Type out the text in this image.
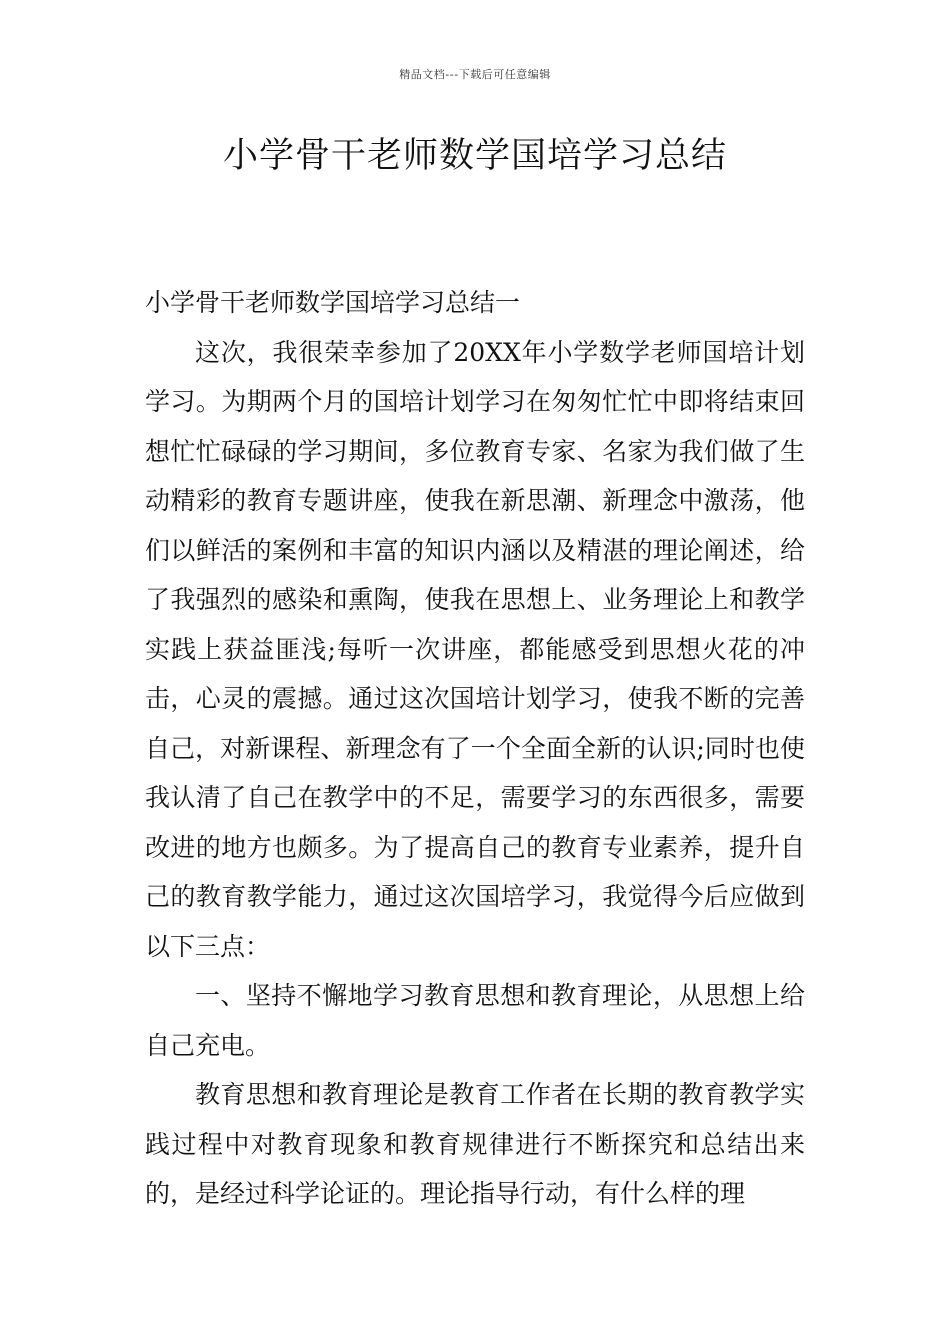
精品文档---下载后可任意编辑
小学骨干老师数学国培学习总结
小学骨干老师数学国培学习总结一

这次，我很荣幸参加了20XX年小学数学老师国培计划学习。为期两个月的国培计划学习在匆匆忙忙中即将结束回想忙忙碌碌的学习期间，多位教育专家、名家为我们做了生动精彩的教育专题讲座，使我在新思潮、新理念中激荡，他们以鲜活的案例和丰富的知识内涵以及精湛的理论阐述，给了我强烈的感染和熏陶，使我在思想上、业务理论上和教学实践上获益匪浅;每听一次讲座，都能感受到思想火花的冲击，心灵的震撼。通过这次国培计划学习，使我不断的完善自己，对新课程、新理念有了一个全面全新的认识;同时也使我认清了自己在教学中的不足，需要学习的东西很多，需要改进的地方也颇多。为了提高自己的教育专业素养，提升自己的教育教学能力，通过这次国培学习，我觉得今后应做到以下三点：

一、坚持不懈地学习教育思想和教育理论，从思想上给自己充电。

教育思想和教育理论是教育工作者在长期的教育教学实践过程中对教育现象和教育规律进行不断探究和总结出来的，是经过科学论证的。理论指导行动，有什么样的理
